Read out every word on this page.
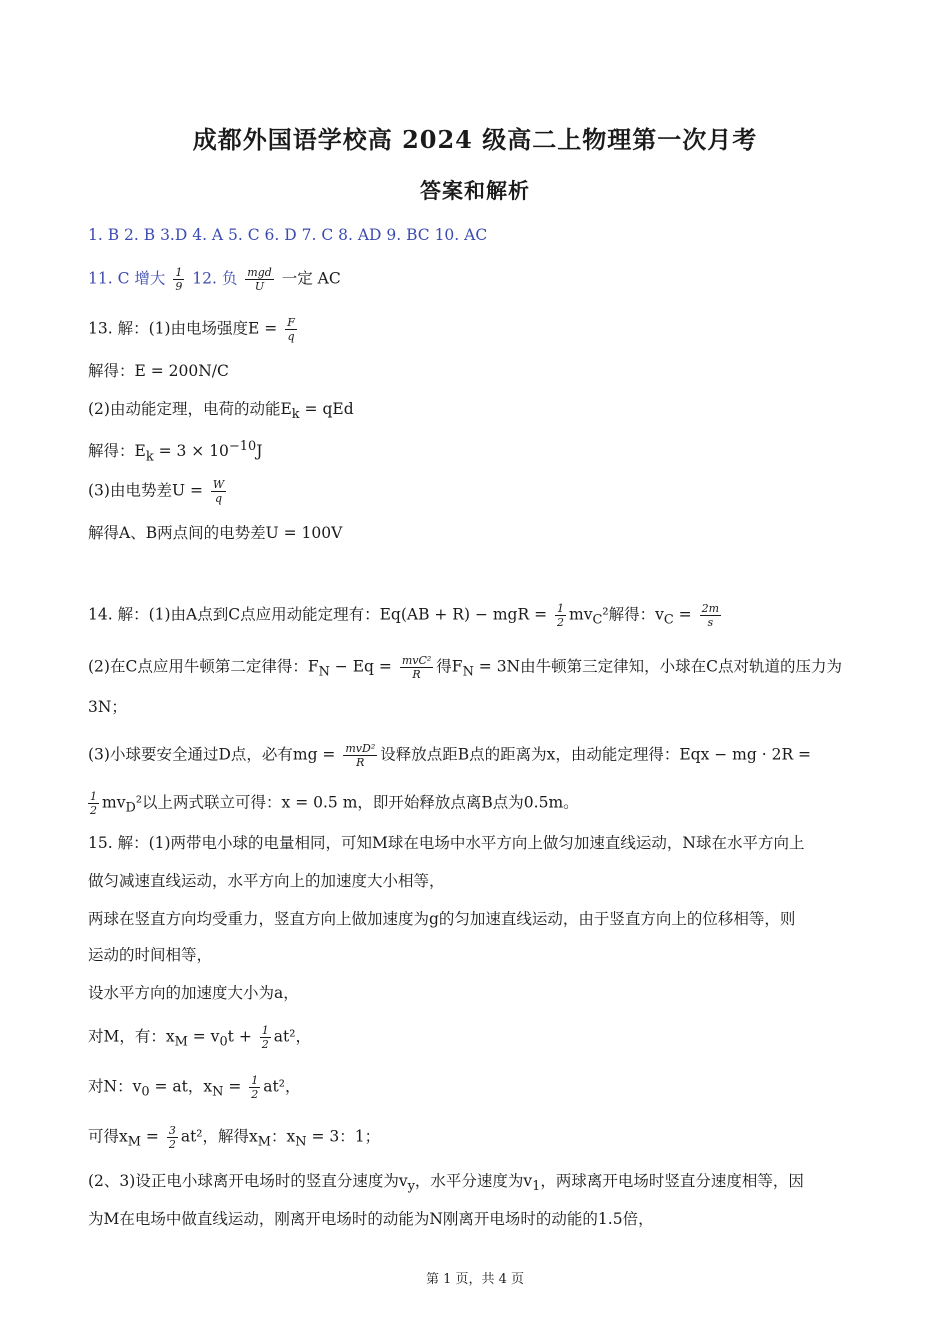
成都外国语学校高 2024 级高二上物理第一次月考
答案和解析
1. B 2. B 3.D 4. A 5. C 6. D 7. C 8. AD 9. BC 10. AC
11. C 增大 $\frac{1}{9} 12$. 负 $\frac{\text{mgd}}{U}$ 一定 AC
13. 解：(1)由电场强度$E = \frac{F}{q}$
解得：E = 200N/C
(2)由动能定理，电荷的动能$E_k$ = qEd
解得：$E_k = 3 \times 10^{-10}J$
(3)由电势差$U = \frac{W}{q}$
解得A、B两点间的电势差U = 100V
14. 解：(1)由A点到C点应用动能定理有：Eq(AB + R) − mgR = $\frac{1}{2} mv_C^2$解得：$v_C = \frac{2m}{s}$
(2)在C点应用牛顿第二定律得：$F_N - Eq = \frac{\text{mvC²}}{R}$ 得$F_N = 3N$由牛顿第三定律知，小球在C点对轨道的压力为
3N；
(3)小球要安全通过D点，必有mg = $\frac{\text{mvD²}}{R}$ 设释放点距B点的距离为x，由动能定理得：Eqx − mg · 2R =
$\frac{1}{2} mv_D^2$以上两式联立可得：x = 0.5 m，即开始释放点离B点为0.5m。
15. 解：(1)两带电小球的电量相同，可知M球在电场中水平方向上做匀加速直线运动，N球在水平方向上
做匀减速直线运动，水平方向上的加速度大小相等，
两球在竖直方向均受重力，竖直方向上做加速度为g的匀加速直线运动，由于竖直方向上的位移相等，则
运动的时间相等，
设水平方向的加速度大小为a，
对M，有：$x_M = v_0t + \frac{1}{2} at^2$，
对N：$v_0$ = at，$x_N = \frac{1}{2} at^2$，
可得$x_M = \frac{3}{2} at^2$，解得$x_M$：$x_N = 3$：1；
(2、3)设正电小球离开电场时的竖直分速度为$v_y$，水平分速度为$v_1$，两球离开电场时竖直分速度相等，因
为M在电场中做直线运动，刚离开电场时的动能为N刚离开电场时的动能的1.5倍，
第 1 页，共 4 页
